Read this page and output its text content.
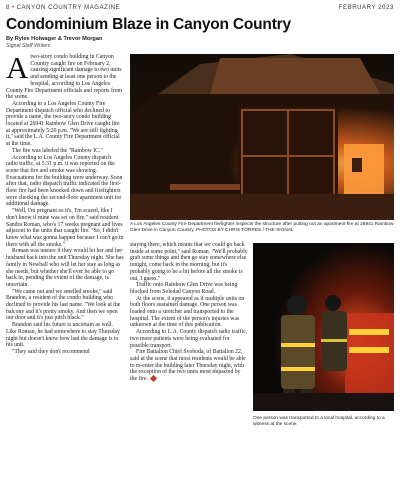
8 • CANYON COUNTRY MAGAZINE	FEBRUARY 2023
Condominium Blaze in Canyon Country
By Rylee Holwager & Trevor Morgan
Signal Staff Writers

Atwo-story condo building in Canyon Country caught fire on February 2, causing significant damage to two units and sending at least one person to the hospital, according to Los Angeles County Fire Department officials and reports from the scene.

According to a Los Angeles County Fire Department dispatch official who declined to provide a name, the two-story condo building located at 26941 Rainbow Glen Drive caught fire at approximately 5:20 p.m. "We are still fighting it," said the L.A. County Fire Department official at the time.

The fire was labeled the "Rainbow IC."

According to Los Angeles County dispatch radio traffic, at 5:31 p.m. it was reported on the scene that fire and smoke was showing. Evacuations for the building were underway. Soon after that, radio dispatch traffic indicated the first-floor fire had been knocked down and firefighters were checking the second-floor apartment unit for additional damage.

"Well, I'm pregnant so it's, I'm scared, like I don't know if mine was set on fire," said resident Sandra Roman, who's 17 weeks pregnant and lives adjacent to the units that caught fire. "So, I didn't know what was gonna happen because I can't go in there with all the smoke."

Roman was unsure if they would let her and her husband back into the unit Thursday night. She has family in Newhall who will let her stay as long as she needs, but whether she'll ever be able to go back in, pending the extent of the damage, is uncertain.

"We came out and we smelled smoke," said Brandon, a resident of the condo building who declined to provide his last name. "We look at the balcony and it's pretty smoky. And then we open our door and it's just pitch black."

Brandon said his future is uncertain as well. Like Roman, he had somewhere to stay Thursday night but doesn't know how bad the damage is to his unit.

"They said they don't recommend

A Los Angeles County Fire Department firefighter inspects the structure after putting out an apartment fire at 26941 Rainbow Glen Drive in Canyon Country. PHOTOS BY CHRIS TORRES / THE SIGNAL

staying there, which means that we could go back inside at some point," said Roman. "We'll probably grab some things and then go stay somewhere else tonight, come back in the morning, but it's probably going to be a bit before all the smoke is out, I guess."

Traffic onto Rainbow Glen Drive was being blocked from Soledad Canyon Road.

At the scene, it appeared as if multiple units on both floors sustained damage. One person was loaded onto a stretcher and transported to the hospital. The extent of the person's injuries was unknown at the time of this publication.

According to L.A. County dispatch radio traffic, two more patients were being evaluated for possible transport.

Fire Battalion Chief Svoboda, of Battalion 22, said at the scene that most residents would be able to re-enter the building later Thursday night, with the exception of the two units most impacted by the fire.

One person was transported to a local hospital, according to a witness at the scene.
